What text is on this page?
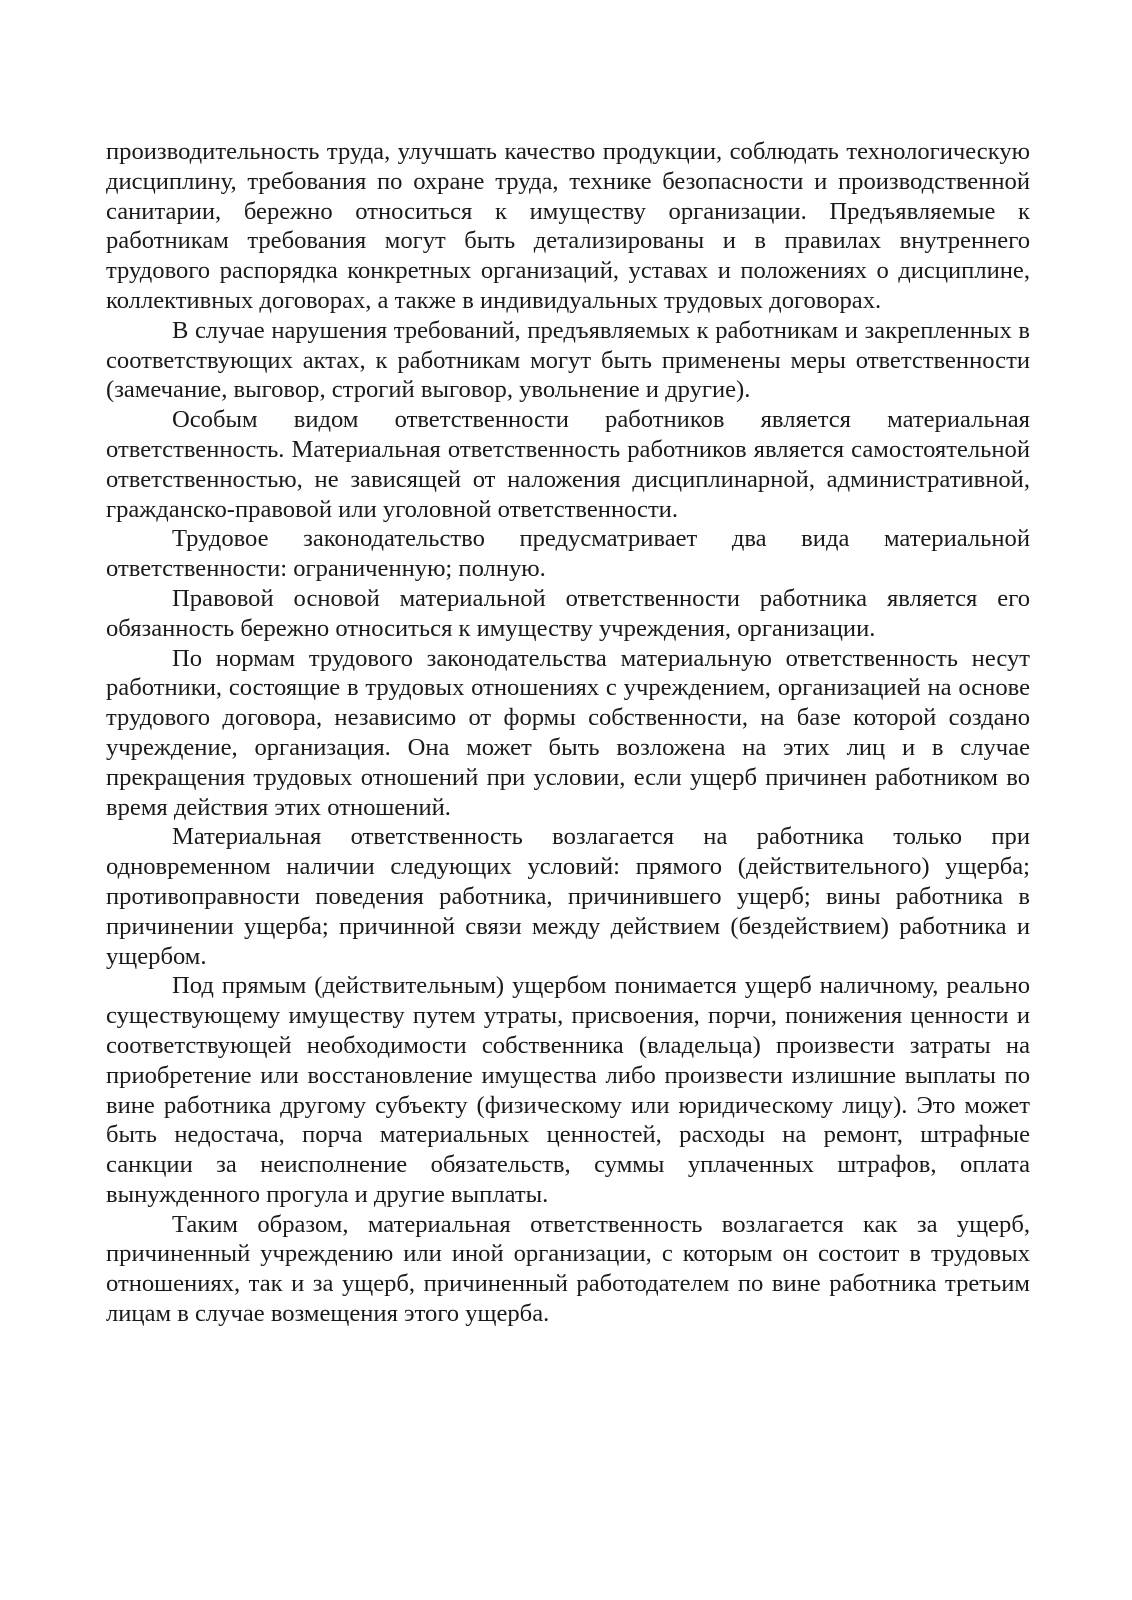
производительность труда, улучшать качество продукции, соблюдать технологическую дисциплину, требования по охране труда, технике безопасности и производственной санитарии, бережно относиться к имуществу организации. Предъявляемые к работникам требования могут быть детализированы и в правилах внутреннего трудового распорядка конкретных организаций, уставах и положениях о дисциплине, коллективных договорах, а также в индивидуальных трудовых договорах.

В случае нарушения требований, предъявляемых к работникам и закрепленных в соответствующих актах, к работникам могут быть применены меры ответственности (замечание, выговор, строгий выговор, увольнение и другие).

Особым видом ответственности работников является материальная ответственность. Материальная ответственность работников является самостоятельной ответственностью, не зависящей от наложения дисциплинарной, административной, гражданско-правовой или уголовной ответственности.

Трудовое законодательство предусматривает два вида материальной ответственности: ограниченную; полную.

Правовой основой материальной ответственности работника является его обязанность бережно относиться к имуществу учреждения, организации.

По нормам трудового законодательства материальную ответственность несут работники, состоящие в трудовых отношениях с учреждением, организацией на основе трудового договора, независимо от формы собственности, на базе которой создано учреждение, организация. Она может быть возложена на этих лиц и в случае прекращения трудовых отношений при условии, если ущерб причинен работником во время действия этих отношений.

Материальная ответственность возлагается на работника только при одновременном наличии следующих условий: прямого (действительного) ущерба; противоправности поведения работника, причинившего ущерб; вины работника в причинении ущерба; причинной связи между действием (бездействием) работника и ущербом.

Под прямым (действительным) ущербом понимается ущерб наличному, реально существующему имуществу путем утраты, присвоения, порчи, понижения ценности и соответствующей необходимости собственника (владельца) произвести затраты на приобретение или восстановление имущества либо произвести излишние выплаты по вине работника другому субъекту (физическому или юридическому лицу). Это может быть недостача, порча материальных ценностей, расходы на ремонт, штрафные санкции за неисполнение обязательств, суммы уплаченных штрафов, оплата вынужденного прогула и другие выплаты.

Таким образом, материальная ответственность возлагается как за ущерб, причиненный учреждению или иной организации, с которым он состоит в трудовых отношениях, так и за ущерб, причиненный работодателем по вине работника третьим лицам в случае возмещения этого ущерба.
